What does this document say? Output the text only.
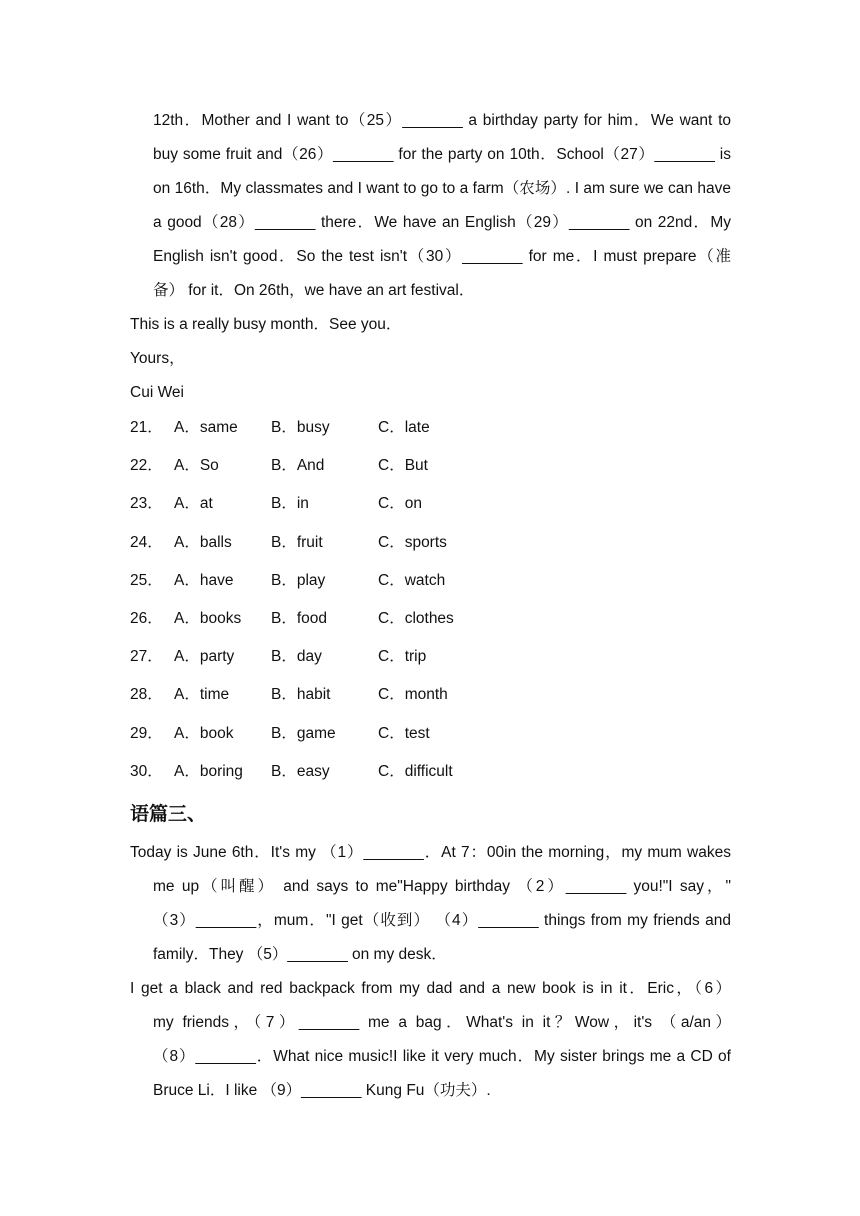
12th．Mother and I want to（25）_______ a birthday party for him．We want to
buy some fruit and（26）_______ for the party on 10th．School（27）_______ is
on 16th．My classmates and I want to go to a farm（农场）. I am sure we can have
a good（28）_______ there．We have an English（29）_______ on 22nd．My
English isn't good．So the test isn't（30）_______ for me．I must prepare（准
备） for it．On 26th，we have an art festival．
This is a really busy month．See you．
Yours，
Cui Wei
21． A．same B．busy	C．late
22． A．So	B．And	C．But
23． A．at	B．in	C．on
24． A．balls	B．fruit	C．sports
25． A．have B．play	C．watch
26． A．books B．food	C．clothes
27． A．party B．day	C．trip
28． A．time	B．habit	C．month
29． A．book B．game	C．test
30． A．boring B．easy	C．difficult
语篇三、
Today is June 6th．It's my （1）_______．At 7：00in the morning，my mum wakes
me up（叫醒） and says to me"Happy birthday （2）_______ you!"I say，"
（3）_______，mum．"I get（收到） （4）_______ things from my friends and
family．They （5）_______ on my desk．
I get a black and red backpack from my dad and a new book is in it．Eric，（6）
my friends，（7）_______ me a bag．What's in it？Wow，it's （a/an）
（8）_______．What nice music!I like it very much．My sister brings me a CD of
Bruce Li．I like （9）_______ Kung Fu（功夫）.
